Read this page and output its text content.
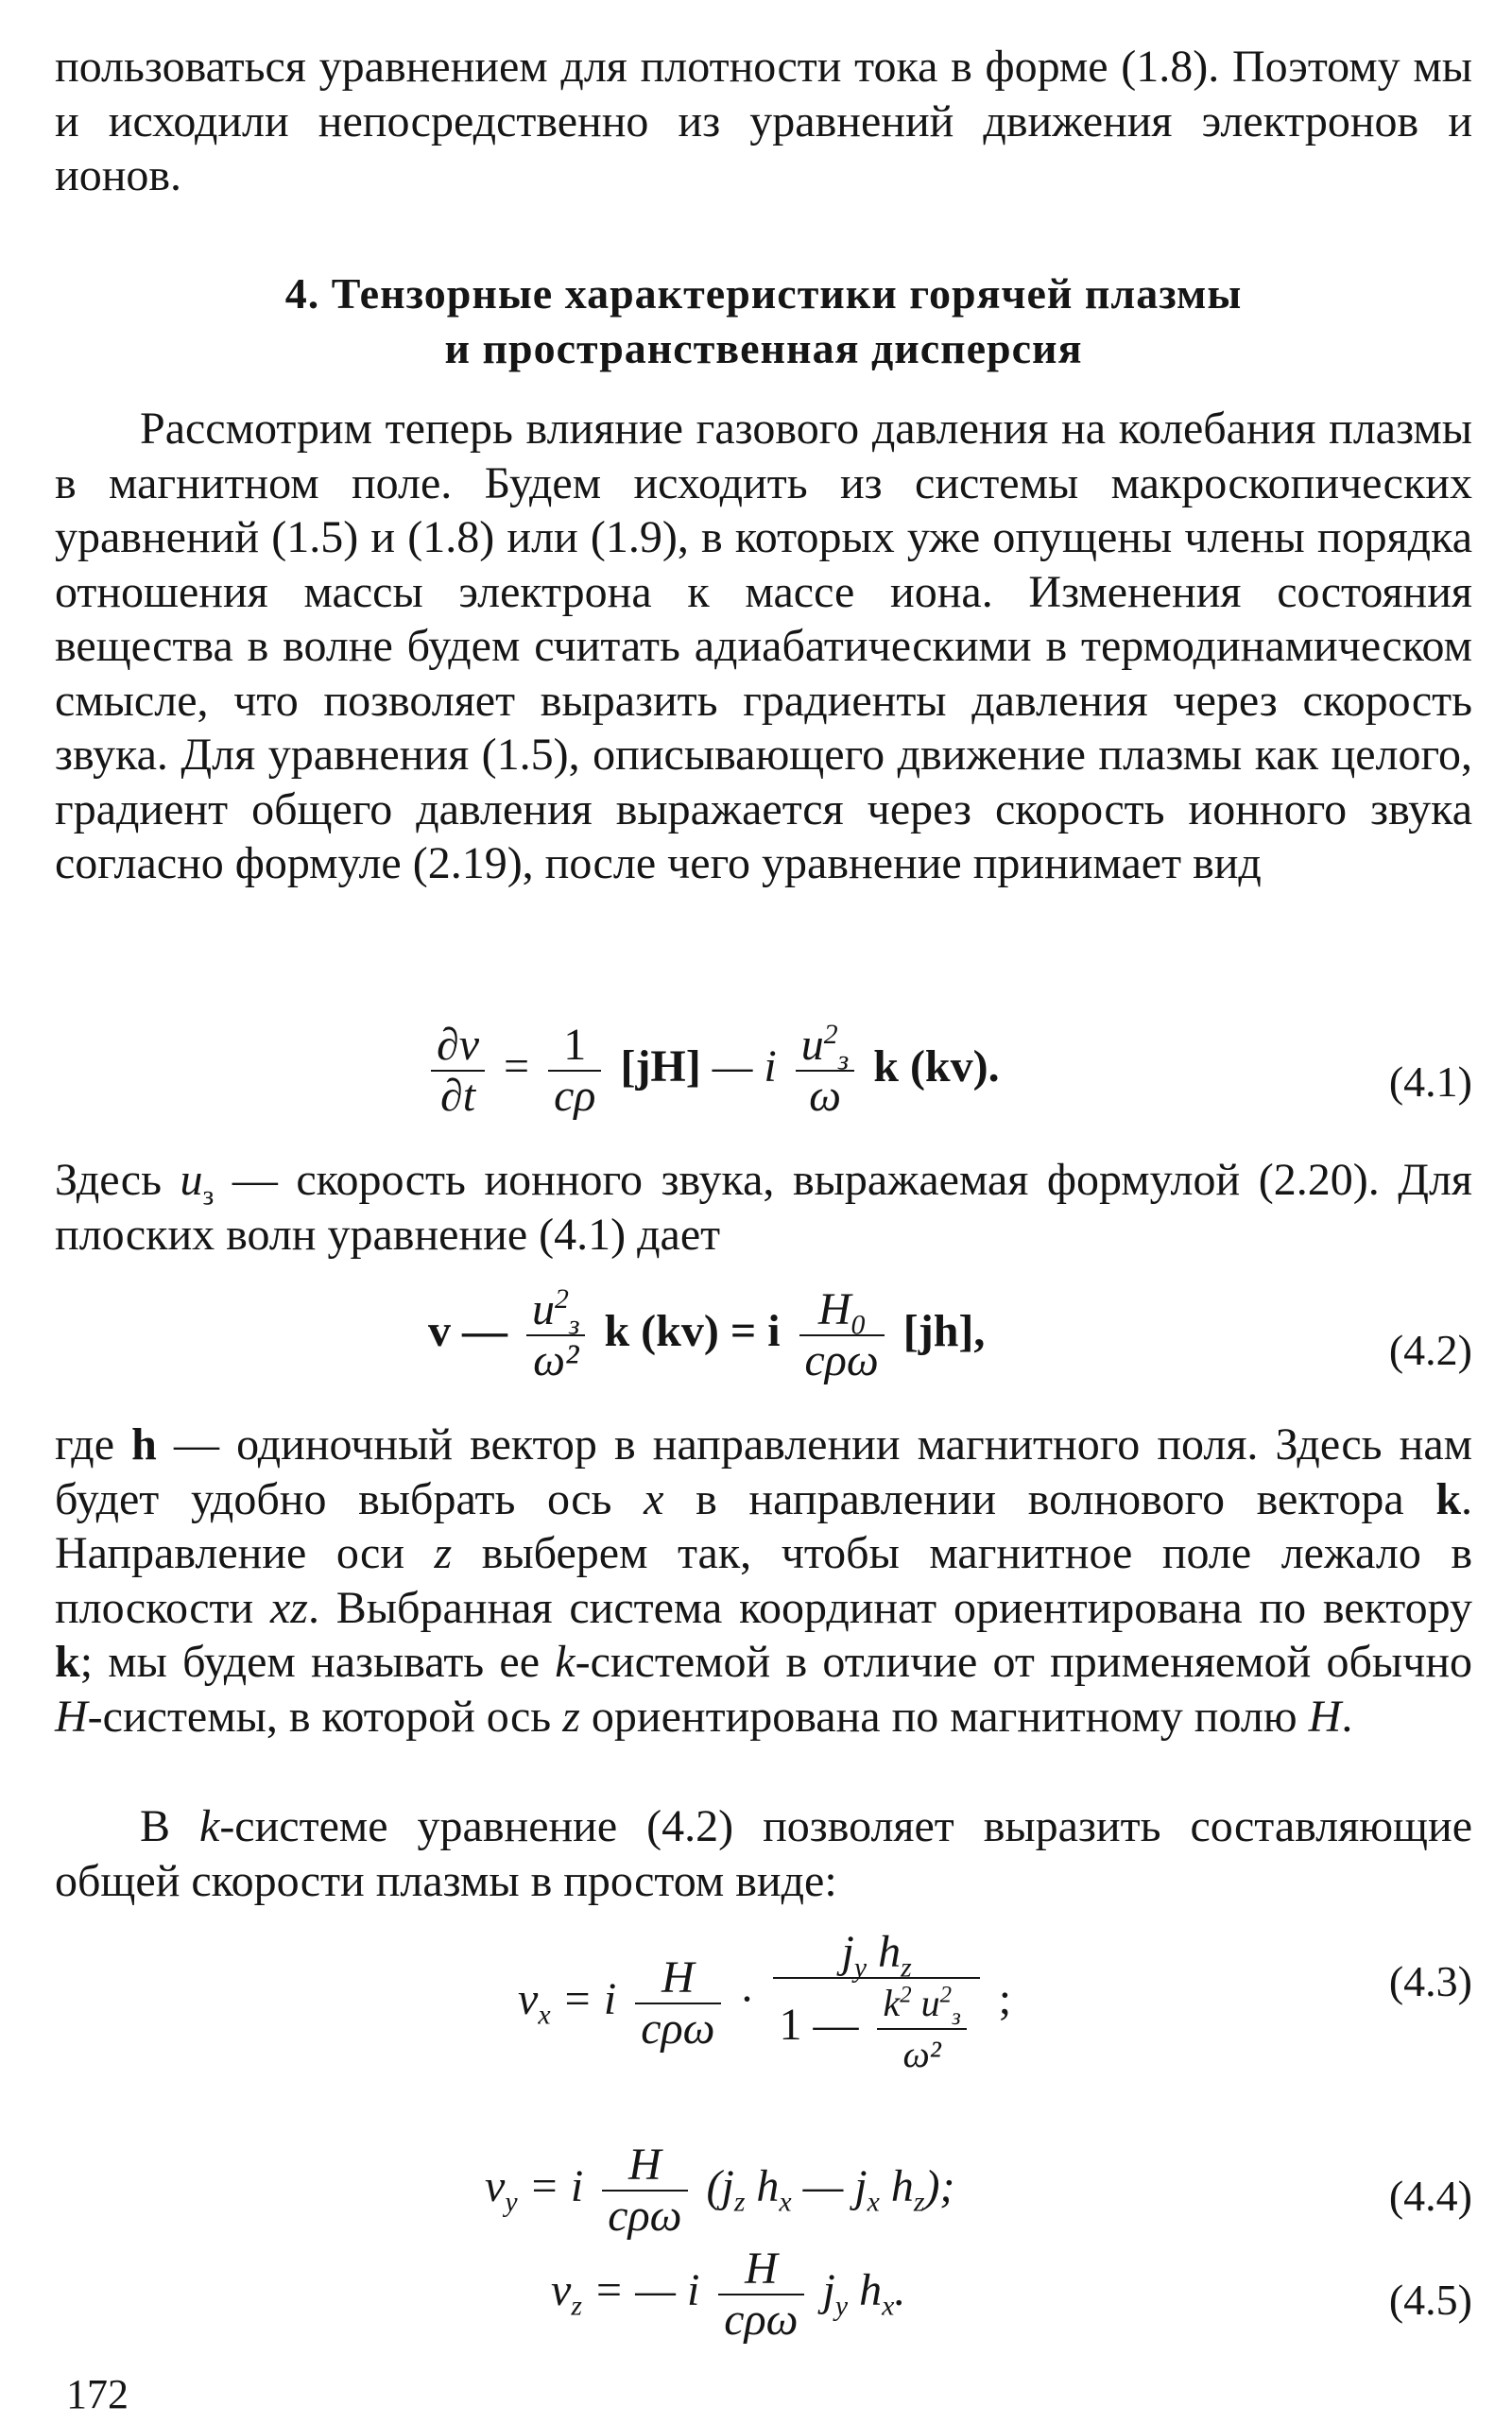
пользоваться уравнением для плотности тока в форме (1.8). Поэтому мы и исходили непосредственно из уравнений движения электронов и ионов.

4. Тензорные характеристики горячей плазмы
и пространственная дисперсия

Рассмотрим теперь влияние газового давления на колебания плазмы в магнитном поле. Будем исходить из системы макроскопических уравнений (1.5) и (1.8) или (1.9), в которых уже опущены члены порядка отношения массы электрона к массе иона. Изменения состояния вещества в волне будем считать адиабатическими в термодинамическом смысле, что позволяет выразить градиенты давления через скорость звука. Для уравнения (1.5), описывающего движение плазмы как целого, градиент общего давления выражается через скорость ионного звука согласно формуле (2.19), после чего уравнение принимает вид

$\frac{\partial v}{\partial t} = \frac{1}{c\rho} [jH]$ — i $\frac{u^2_з}{\omega}$ k (kv).	(4.1)

Здесь $u_з$ — скорость ионного звука, выражаемая формулой (2.20). Для плоских волн уравнение (4.1) дает

v — $\frac{u^2_з}{\text{ω²}}$ k (kv) = i $\frac{H_0}{\text{cρω}} [jh]$,	(4.2)

где h — одиночный вектор в направлении магнитного поля. Здесь нам будет удобно выбрать ось x в направлении волнового вектора k. Направление оси z выберем так, чтобы магнитное поле лежало в плоскости xz. Выбранная система координат ориентирована по вектору k; мы будем называть ее k-системой в отличие от применяемой обычно H-системы, в которой ось z ориентирована по магнитному полю H.

В k-системе уравнение (4.2) позволяет выразить составляющие общей скорости плазмы в простом виде:

$v_x = i \frac{H}{\text{cρω}} \cdot \frac{j_y h_z}{1 — \frac{k^2 u^2_з}{\text{ω²}}}$ ;	(4.3)
$v_y = i \frac{H}{\text{cρω}} (j_z$ $h_x$ — $j_x$ $h_z$);	(4.4)
$v_z$ = — i $\frac{H}{\text{cρω}} j_y$ $h_x$.	(4.5)
172
